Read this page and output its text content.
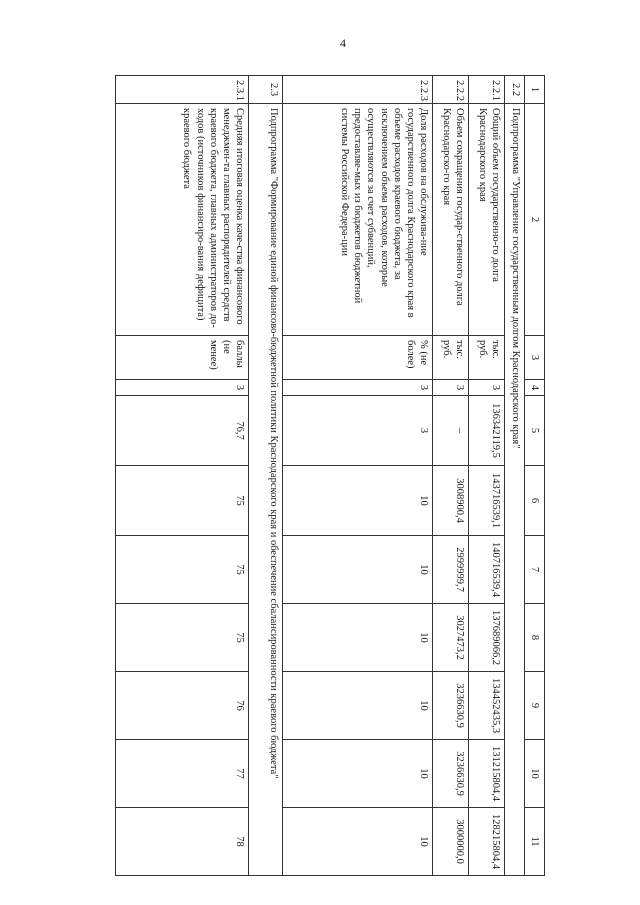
4
1	2	3	4	5	6	7	8	9	10	11
2.2	Подпрограмма "Управление государственным долгом Краснодарского края"									
2.2.1	Общий объем государственно-го долга Краснодарского края	тыс. руб.	3	136342119,5	143716539,1	140716539,4	137689066,2	134452435,3	131215804,4	128215804,4
2.2.2	Объем сокращения государ-ственного долга Краснодарско-го края	тыс. руб.	3	–	3008900,4	2999999,7	3027473,2	3236630,9	3236630,9	3000000,0
2.2.3	Доля расходов на обслужива-ние государственного долга Краснодарского края в объеме расходов краевого бюджета, за исключением объема расходов, которые осуществляются за счет субвенций, предоставляе-мых из бюджетов бюджетной системы Российской Федера-ции	% (не более)	3	3	10	10	10	10	10	10
2.3	Подпрограмма "Формирование единой финансово-бюджетной политики Краснодарского края и обеспечение сбалансированности краевого бюджета"									
2.3.1	Средняя итоговая оценка каче-ства финансового менеджмен-та главных распорядителей средств краевого бюджета, главных администраторов до-ходов (источников финансиро-вания дефицита) краевого бюджета	баллы (не менее)	3	76,7	75	75	75	76	77	78
